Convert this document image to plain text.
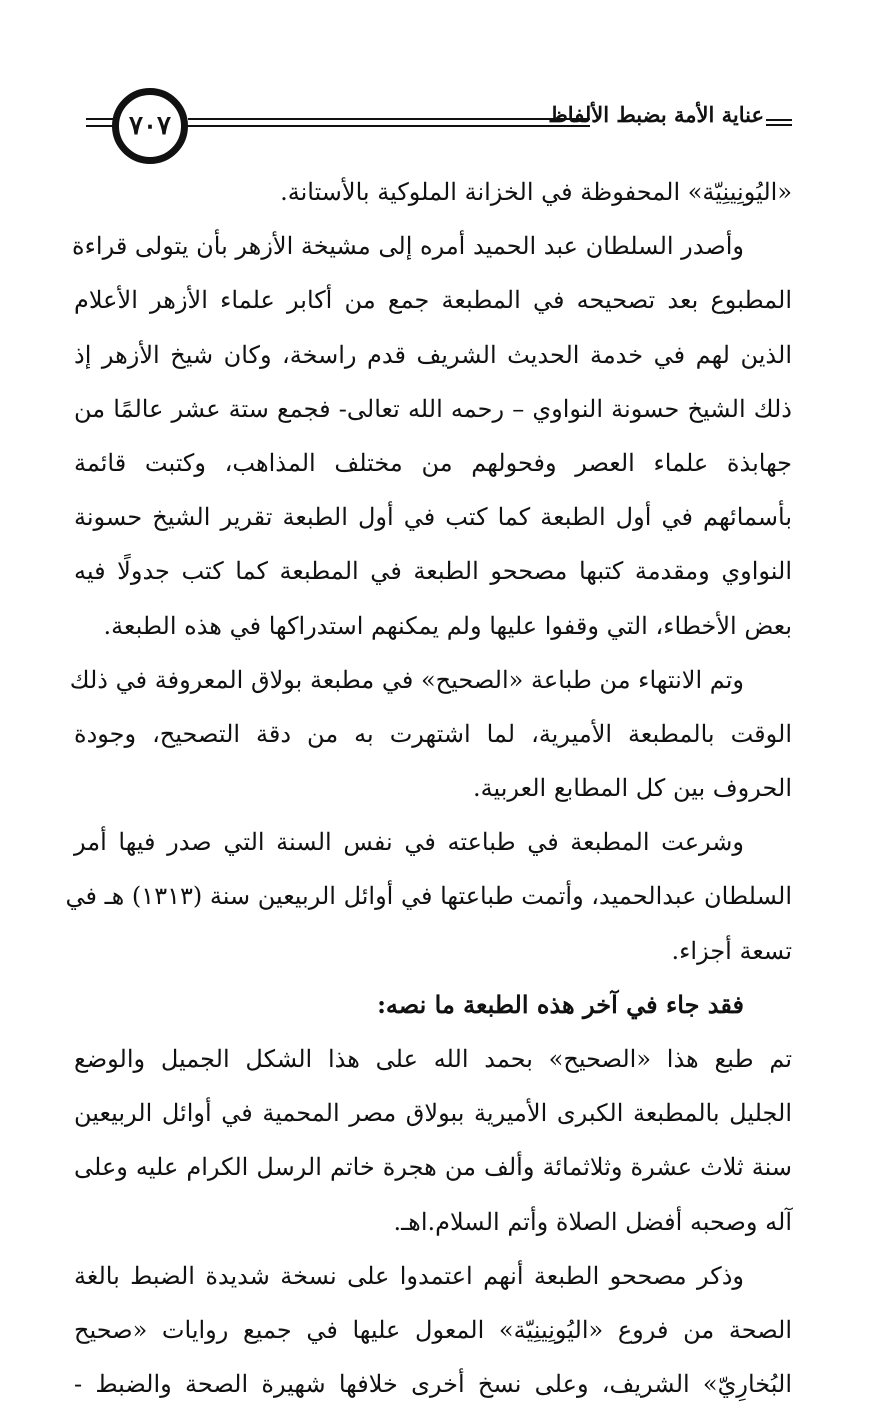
٧٠٧	عناية الأمة بضبط الألفاظ
«اليُونِينِيّة» المحفوظة في الخزانة الملوكية بالأستانة.
وأصدر السلطان عبد الحميد أمره إلى مشيخة الأزهر بأن يتولى قراءة
المطبوع بعد تصحيحه في المطبعة جمع من أكابر علماء الأزهر الأعلام
الذين لهم في خدمة الحديث الشريف قدم راسخة، وكان شيخ الأزهر إذ
ذلك الشيخ حسونة النواوي – رحمه الله تعالى- فجمع ستة عشر عالمًا من
جهابذة علماء العصر وفحولهم من مختلف المذاهب، وكتبت قائمة
بأسمائهم في أول الطبعة كما كتب في أول الطبعة تقرير الشيخ حسونة
النواوي ومقدمة كتبها مصححو الطبعة في المطبعة كما كتب جدولًا فيه
بعض الأخطاء، التي وقفوا عليها ولم يمكنهم استدراكها في هذه الطبعة.
وتم الانتهاء من طباعة «الصحيح» في مطبعة بولاق المعروفة في ذلك
الوقت بالمطبعة الأميرية، لما اشتهرت به من دقة التصحيح، وجودة
الحروف بين كل المطابع العربية.
وشرعت المطبعة في طباعته في نفس السنة التي صدر فيها أمر
السلطان عبدالحميد، وأتمت طباعتها في أوائل الربيعين سنة (١٣١٣) هـ في
تسعة أجزاء.
فقد جاء في آخر هذه الطبعة ما نصه:
تم طبع هذا «الصحيح» بحمد الله على هذا الشكل الجميل والوضع
الجليل بالمطبعة الكبرى الأميرية ببولاق مصر المحمية في أوائل الربيعين
سنة ثلاث عشرة وثلاثمائة وألف من هجرة خاتم الرسل الكرام عليه وعلى
آله وصحبه أفضل الصلاة وأتم السلام.اهـ.
وذكر مصححو الطبعة أنهم اعتمدوا على نسخة شديدة الضبط بالغة
الصحة من فروع «اليُونِينِيّة» المعول عليها في جميع روايات «صحيح
البُخارِيّ» الشريف، وعلى نسخ أخرى خلافها شهيرة الصحة والضبط -
